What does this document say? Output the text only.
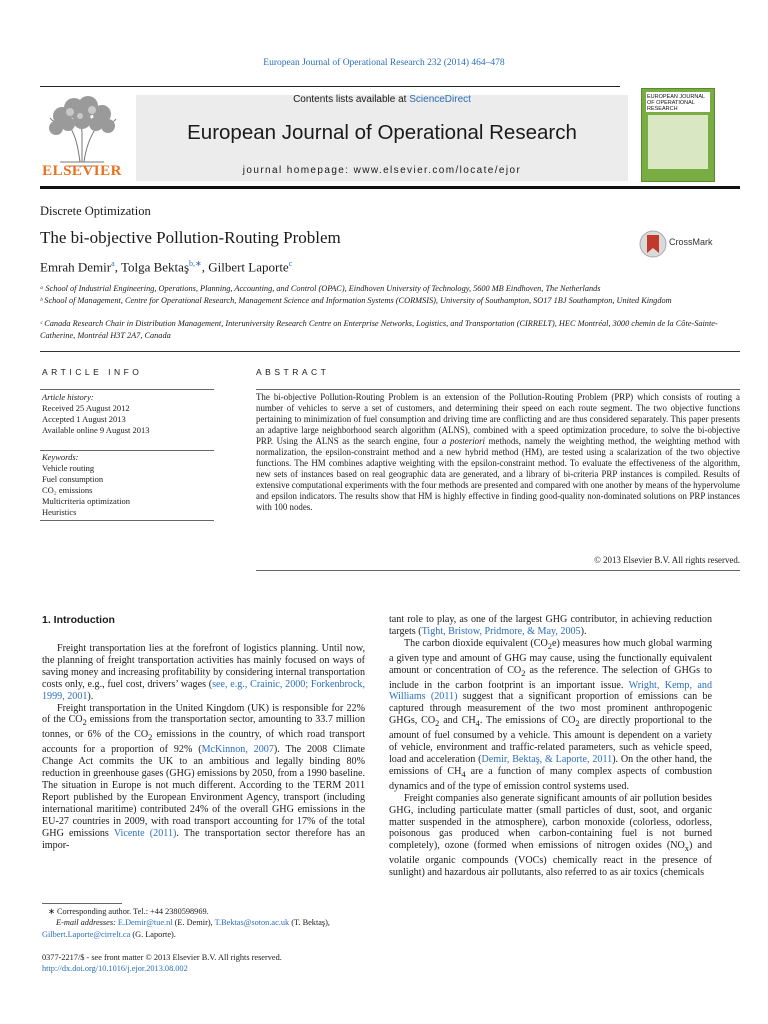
European Journal of Operational Research 232 (2014) 464–478
Contents lists available at ScienceDirect
European Journal of Operational Research
journal homepage: www.elsevier.com/locate/ejor
ELSEVIER
EUROPEAN JOURNAL OF OPERATIONAL RESEARCH
Discrete Optimization
The bi-objective Pollution-Routing Problem	CrossMark
Emrah Demir$^a$, Tolga Bektaş$^{b,∗}$, Gilbert Laporte$^c$
ᵃ School of Industrial Engineering, Operations, Planning, Accounting, and Control (OPAC), Eindhoven University of Technology, 5600 MB Eindhoven, The Netherlands
ᵇ School of Management, Centre for Operational Research, Management Science and Information Systems (CORMSIS), University of Southampton, SO17 1BJ Southampton, United Kingdom
ᶜ Canada Research Chair in Distribution Management, Interuniversity Research Centre on Enterprise Networks, Logistics, and Transportation (CIRRELT), HEC Montréal, 3000 chemin de la Côte-Sainte-Catherine, Montréal H3T 2A7, Canada
ARTICLE INFO	ABSTRACT
Article history:
Received 25 August 2012
Accepted 1 August 2013
Available online 9 August 2013
Keywords:
Vehicle routing
Fuel consumption
CO₂ emissions
Multicriteria optimization
Heuristics
The bi-objective Pollution-Routing Problem is an extension of the Pollution-Routing Problem (PRP) which consists of routing a number of vehicles to serve a set of customers, and determining their speed on each route segment. The two objective functions pertaining to minimization of fuel consumption and driving time are conflicting and are thus considered separately. This paper presents an adaptive large neighborhood search algorithm (ALNS), combined with a speed optimization procedure, to solve the bi-objective PRP. Using the ALNS as the search engine, four a posteriori methods, namely the weighting method, the weighting method with normalization, the epsilon-constraint method and a new hybrid method (HM), are tested using a scalarization of the two objective functions. The HM combines adaptive weighting with the epsilon-constraint method. To evaluate the effectiveness of the algorithm, new sets of instances based on real geographic data are generated, and a library of bi-criteria PRP instances is compiled. Results of extensive computational experiments with the four methods are presented and compared with one another by means of the hypervolume and epsilon indicators. The results show that HM is highly effective in finding good-quality non-dominated solutions on PRP instances with 100 nodes.
© 2013 Elsevier B.V. All rights reserved.
1. Introduction

Freight transportation lies at the forefront of logistics planning. Until now, the planning of freight transportation activities has mainly focused on ways of saving money and increasing profitability by considering internal transportation costs only, e.g., fuel cost, drivers’ wages (see, e.g., Crainic, 2000; Forkenbrock, 1999, 2001).

Freight transportation in the United Kingdom (UK) is responsible for 22% of the $CO_2$ emissions from the transportation sector, amounting to 33.7 million tonnes, or 6% of the $CO_2$ emissions in the country, of which road transport accounts for a proportion of 92% (McKinnon, 2007). The 2008 Climate Change Act commits the UK to an ambitious and legally binding 80% reduction in greenhouse gases (GHG) emissions by 2050, from a 1990 baseline. The situation in Europe is not much different. According to the TERM 2011 Report published by the European Environment Agency, transport (including international maritime) contributed 24% of the overall GHG emissions in the EU-27 countries in 2009, with road transport accounting for 17% of the total GHG emissions Vicente (2011). The transportation sector therefore has an impor-

tant role to play, as one of the largest GHG contributor, in achieving reduction targets (Tight, Bristow, Pridmore, & May, 2005).

The carbon dioxide equivalent $(CO_2e)$ measures how much global warming a given type and amount of GHG may cause, using the functionally equivalent amount or concentration of $CO_2$ as the reference. The selection of GHGs to include in the carbon footprint is an important issue. Wright, Kemp, and Williams (2011) suggest that a significant proportion of emissions can be captured through measurement of the two most prominent anthropogenic GHGs, $CO_2$ and $CH_4$. The emissions of $CO_2$ are directly proportional to the amount of fuel consumed by a vehicle. This amount is dependent on a variety of vehicle, environment and traffic-related parameters, such as vehicle speed, load and acceleration (Demir, Bektaş, & Laporte, 2011). On the other hand, the emissions of $CH_4$ are a function of many complex aspects of combustion dynamics and of the type of emission control systems used.

Freight companies also generate significant amounts of air pollution besides GHG, including particulate matter (small particles of dust, soot, and organic matter suspended in the atmosphere), carbon monoxide (colorless, odorless, poisonous gas produced when carbon-containing fuel is not burned completely), ozone (formed when emissions of nitrogen oxides $(NO_x)$ and volatile organic compounds (VOCs) chemically react in the presence of sunlight) and hazardous air pollutants, also referred to as air toxics (chemicals

∗ Corresponding author. Tel.: +44 2380598969.
E-mail addresses: E.Demir@tue.nl (E. Demir), T.Bektas@soton.ac.uk (T. Bektaş),
Gilbert.Laporte@cirrelt.ca (G. Laporte).
0377-2217/$ - see front matter © 2013 Elsevier B.V. All rights reserved.
http://dx.doi.org/10.1016/j.ejor.2013.08.002
